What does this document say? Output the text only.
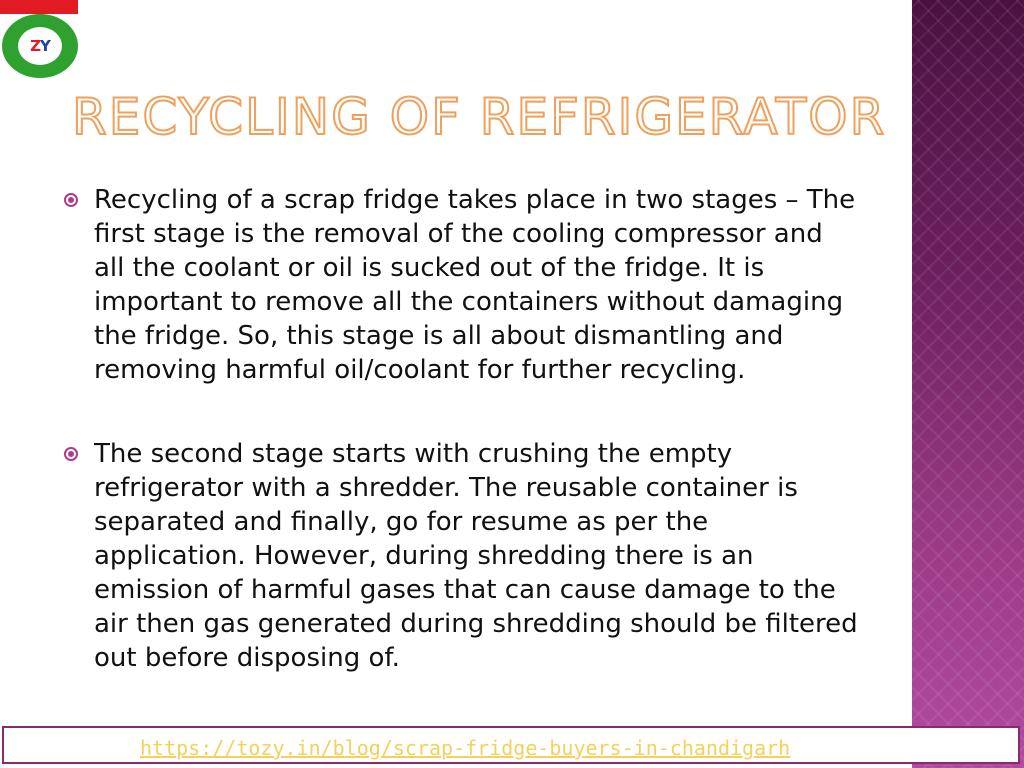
Z Y
RECYCLING OF REFRIGERATOR

Recycling of a scrap fridge takes place in two stages – The first stage is the removal of the cooling compressor and all the coolant or oil is sucked out of the fridge. It is important to remove all the containers without damaging the fridge. So, this stage is all about dismantling and removing harmful oil/coolant for further recycling.

The second stage starts with crushing the empty refrigerator with a shredder. The reusable container is separated and finally, go for resume as per the application. However, during shredding there is an emission of harmful gases that can cause damage to the air then gas generated during shredding should be filtered out before disposing of.

https://tozy.in/blog/scrap-fridge-buyers-in-chandigarh
